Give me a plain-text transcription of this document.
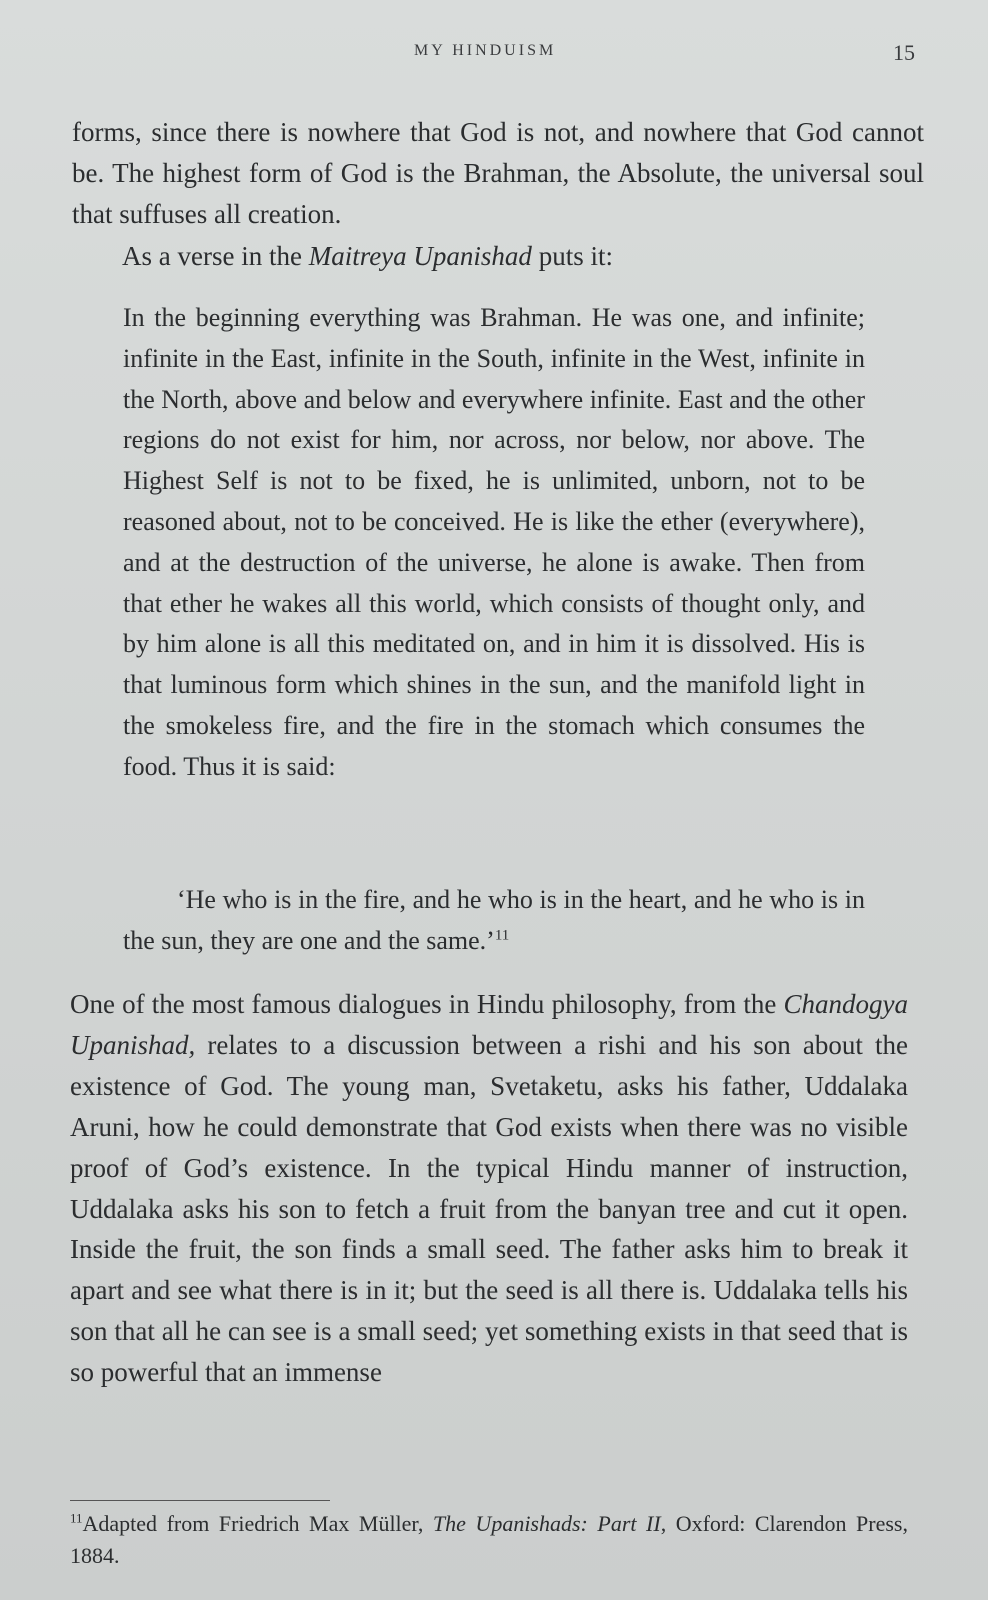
MY HINDUISM	15

forms, since there is nowhere that God is not, and nowhere that God cannot be. The highest form of God is the Brahman, the Absolute, the universal soul that suffuses all creation.

As a verse in the Maitreya Upanishad puts it:

In the beginning everything was Brahman. He was one, and infinite; infinite in the East, infinite in the South, infinite in the West, infinite in the North, above and below and everywhere infinite. East and the other regions do not exist for him, nor across, nor below, nor above. The Highest Self is not to be fixed, he is unlimited, unborn, not to be reasoned about, not to be conceived. He is like the ether (everywhere), and at the destruction of the universe, he alone is awake. Then from that ether he wakes all this world, which consists of thought only, and by him alone is all this meditated on, and in him it is dissolved. His is that luminous form which shines in the sun, and the manifold light in the smokeless fire, and the fire in the stomach which consumes the food. Thus it is said:

‘He who is in the fire, and he who is in the heart, and he who is in the sun, they are one and the same.’$^{11}$

One of the most famous dialogues in Hindu philosophy, from the Chandogya Upanishad, relates to a discussion between a rishi and his son about the existence of God. The young man, Svetaketu, asks his father, Uddalaka Aruni, how he could demonstrate that God exists when there was no visible proof of God’s existence. In the typical Hindu manner of instruction, Uddalaka asks his son to fetch a fruit from the banyan tree and cut it open. Inside the fruit, the son finds a small seed. The father asks him to break it apart and see what there is in it; but the seed is all there is. Uddalaka tells his son that all he can see is a small seed; yet something exists in that seed that is so powerful that an immense

$^{11}$Adapted from Friedrich Max Müller, The Upanishads: Part II, Oxford: Clarendon Press, 1884.
